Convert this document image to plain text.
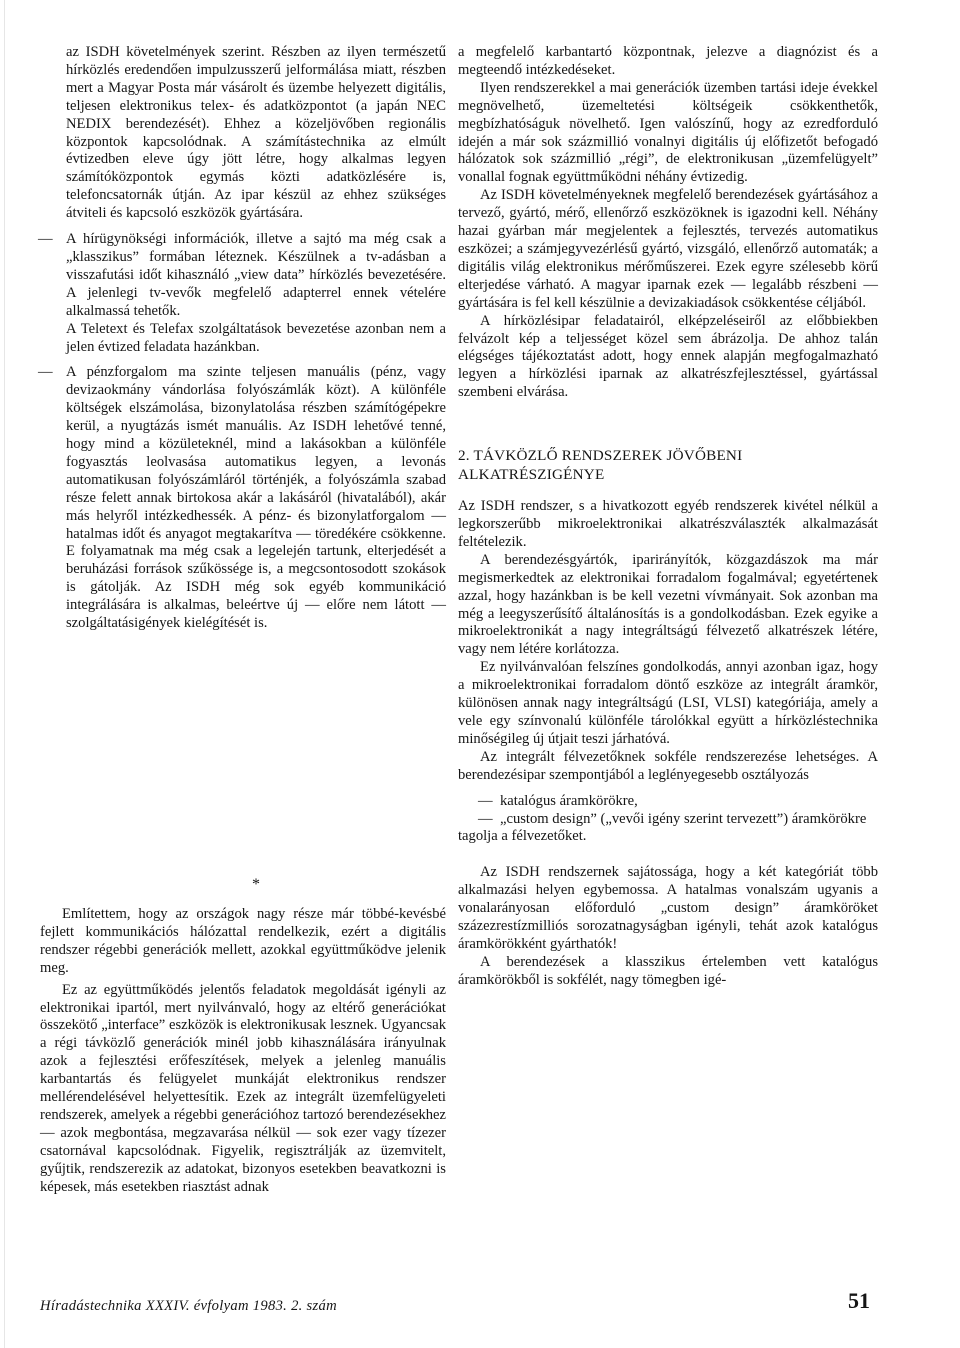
az ISDH követelmények szerint. Részben az ilyen természetű hírközlés eredendően impulzusszerű jelformálása miatt, részben mert a Magyar Posta már vásárolt és üzembe helyezett digitális, teljesen elektronikus telex- és adatközpontot (a japán NEC NEDIX berendezését). Ehhez a közeljövőben regionális központok kapcsolódnak. A számítástechnika az elmúlt évtizedben eleve úgy jött létre, hogy alkalmas legyen számítóközpontok egymás közti adatközlésére is, telefoncsatornák útján. Az ipar készül az ehhez szükséges átviteli és kapcsoló eszközök gyártására.

— A hírügynökségi információk, illetve a sajtó ma még csak a „klasszikus” formában léteznek. Készülnek a tv-adásban a visszafutási időt kihasználó „view data” hírközlés bevezetésére. A jelenlegi tv-vevők megfelelő adapterrel ennek vételére alkalmassá tehetők.

A Teletext és Telefax szolgáltatások bevezetése azonban nem a jelen évtized feladata hazánkban.

— A pénzforgalom ma szinte teljesen manuális (pénz, vagy devizaokmány vándorlása folyószámlák közt). A különféle költségek elszámolása, bizonylatolása részben számítógépekre kerül, a nyugtázás ismét manuális. Az ISDH lehetővé tenné, hogy mind a közületeknél, mind a lakásokban a különféle fogyasztás leolvasása automatikus legyen, a levonás automatikusan folyószámláról történjék, a folyószámla szabad része felett annak birtokosa akár a lakásáról (hivatalából), akár más helyről intézkedhessék. A pénz- és bizonylatforgalom — hatalmas időt és anyagot megtakarítva — töredékére csökkenne. E folyamatnak ma még csak a legelején tartunk, elterjedését a beruházási források szűkössége is, a megcsontosodott szokások is gátolják. Az ISDH még sok egyéb kommunikáció integrálására is alkalmas, beleértve új — előre nem látott — szolgáltatásigények kielégítését is.

*

Említettem, hogy az országok nagy része már többé-kevésbé fejlett kommunikációs hálózattal rendelkezik, ezért a digitális rendszer régebbi generációk mellett, azokkal együttműködve jelenik meg.

Ez az együttműködés jelentős feladatok megoldását igényli az elektronikai ipartól, mert nyilvánvaló, hogy az eltérő generációkat összekötő „interface” eszközök is elektronikusak lesznek. Ugyancsak a régi távközlő generációk minél jobb kihasználására irányulnak azok a fejlesztési erőfeszítések, melyek a jelenleg manuális karbantartás és felügyelet munkáját elektronikus rendszer mellérendelésével helyettesítik. Ezek az integrált üzemfelügyeleti rendszerek, amelyek a régebbi generációhoz tartozó berendezésekhez — azok megbontása, megzavarása nélkül — sok ezer vagy tízezer csatornával kapcsolódnak. Figyelik, regisztrálják az üzemvitelt, gyűjtik, rendszerezik az adatokat, bizonyos esetekben beavatkozni is képesek, más esetekben riasztást adnak

a megfelelő karbantartó központnak, jelezve a diagnózist és a megteendő intézkedéseket.

Ilyen rendszerekkel a mai generációk üzemben tartási ideje évekkel megnövelhető, üzemeltetési költségeik csökkenthetők, megbízhatóságuk növelhető. Igen valószínű, hogy az ezredforduló idején a már sok százmillió vonalnyi digitális új előfizetőt befogadó hálózatok sok százmillió „régi”, de elektronikusan „üzemfelügyelt” vonallal fognak együttműködni néhány évtizedig.

Az ISDH követelményeknek megfelelő berendezések gyártásához a tervező, gyártó, mérő, ellenőrző eszközöknek is igazodni kell. Néhány hazai gyárban már megjelentek a fejlesztés, tervezés automatikus eszközei; a számjegyvezérlésű gyártó, vizsgáló, ellenőrző automaták; a digitális világ elektronikus mérőműszerei. Ezek egyre szélesebb körű elterjedése várható. A magyar iparnak ezek — legalább részbeni — gyártására is fel kell készülnie a devizakiadások csökkentése céljából.

A hírközlésipar feladatairól, elképzeléseiről az előbbiekben felvázolt kép a teljességet közel sem ábrázolja. De ahhoz talán elégséges tájékoztatást adott, hogy ennek alapján megfogalmazható legyen a hírközlési iparnak az alkatrészfejlesztéssel, gyártással szembeni elvárása.

2. TÁVKÖZLŐ RENDSZEREK JÖVŐBENI
ALKATRÉSZIGÉNYE

Az ISDH rendszer, s a hivatkozott egyéb rendszerek kivétel nélkül a legkorszerűbb mikroelektronikai alkatrészválaszték alkalmazását feltételezik.

A berendezésgyártók, iparirányítók, közgazdászok ma már megismerkedtek az elektronikai forradalom fogalmával; egyetértenek azzal, hogy hazánkban is be kell vezetni vívmányait. Sok azonban ma még a leegyszerűsítő általánosítás is a gondolkodásban. Ezek egyike a mikroelektronikát a nagy integráltságú félvezető alkatrészek létére, vagy nem létére korlátozza.

Ez nyilvánvalóan felszínes gondolkodás, annyi azonban igaz, hogy a mikroelektronikai forradalom döntő eszköze az integrált áramkör, különösen annak nagy integráltságú (LSI, VLSI) kategóriája, amely a vele egy színvonalú különféle tárolókkal együtt a hírközléstechnika minőségileg új útjait teszi járhatóvá.

Az integrált félvezetőknek sokféle rendszerezése lehetséges. A berendezésipar szempontjából a leglényegesebb osztályozás

— katalógus áramkörökre,
— „custom design” („vevői igény szerint tervezett”) áramkörökre

tagolja a félvezetőket.

Az ISDH rendszernek sajátossága, hogy a két kategóriát több alkalmazási helyen egybemossa. A hatalmas vonalszám ugyanis a vonalarányosan előforduló „custom design” áramköröket százezrestízmilliós sorozatnagyságban igényli, tehát azok katalógus áramkörökként gyárthatók!

A berendezések a klasszikus értelemben vett katalógus áramkörökből is sokfélét, nagy tömegben igé-

Híradástechnika XXXIV. évfolyam 1983. 2. szám	51
